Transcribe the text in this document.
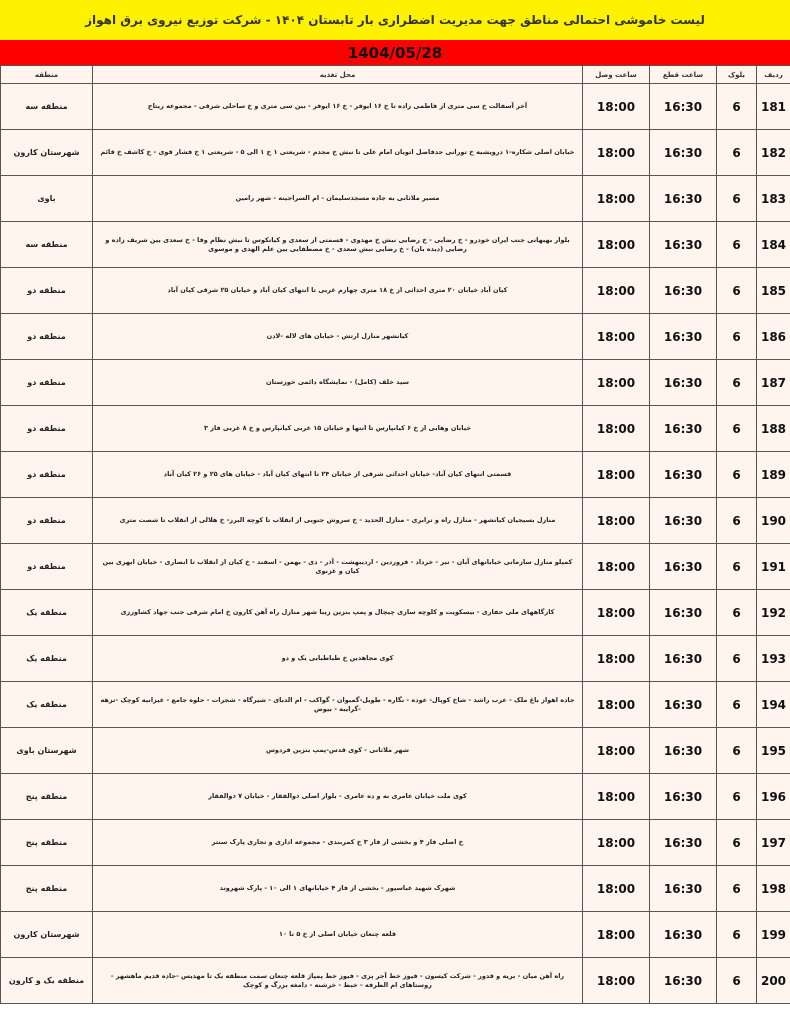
لیست خاموشی احتمالی مناطق جهت مدیریت اضطراری بار تابستان ۱۴۰۴ - شرکت توزیع نیروی برق اهواز
1404/05/28
ردیف	بلوک	ساعت قطع	ساعت وصل	محل تغذیه	منطقه
181	6	16:30	18:00	آخر آسفالت خ سی متری از فاطمی زاده تا خ ۱۶ ایوفر - خ ۱۶ ایوفر - بین سی متری و خ ساحلی شرقی - مجموعه ریتاج	منطقه سه
182	6	16:30	18:00	خیابان اصلی شکاره-۱ درویشیه خ تورانی حدفاصل اتوبان امام علی تا نبش خ مجدم - شریعتی ۱ خ ۱ الی ۵ - شریعتی ۱ خ فشار قوی - خ کاشف خ قائم	شهرستان کارون
183	6	16:30	18:00	مسیر ملاثانی به جاده مسجدسلیمان - ام السراجینه - شهر رامین	باوی
184	6	16:30	18:00	بلوار بهبهانی جنب ایران خودرو - خ رضایی - خ رضایی نبش خ مهدوی - قسمتی از سعدی و کیانکوس تا نبش نظام وفا - خ سعدی بین شریف زاده و رضایی (دیده بان) - خ رضایی نبش سعدی - خ مصطفایی بین علم الهدی و موسوی	منطقه سه
185	6	16:30	18:00	کیان آباد خیابان ۲۰ متری احداثی از خ ۱۸ متری چهارم غربی تا انتهای کیان آباد و خیابان ۲۵ شرقی کیان آباد	منطقه دو
186	6	16:30	18:00	کیانشهر منازل ارتش - خیابان های لاله -لادن	منطقه دو
187	6	16:30	18:00	سید خلف (کامل) - نمایشگاه دائمی خوزستان	منطقه دو
188	6	16:30	18:00	خیابان وهابی از خ ۶ کیانپارس تا انتها و خیابان ۱۵ غربی کیانپارس و خ ۸ غربی فاز ۳	منطقه دو
189	6	16:30	18:00	قسمتی انتهای کیان آباد- خیابان احداثی شرقی از خیابان ۲۴ تا انتهای کیان آباد - خیابان های ۲۵ و ۲۶ کیان آباد	منطقه دو
190	6	16:30	18:00	منازل بسیجیان کیانشهر - منازل راه و ترابری - منازل الحدید - خ سروش جنوبی از انقلاب تا کوچه البرز- خ هلالی از انقلاب تا شصت متری	منطقه دو
191	6	16:30	18:00	کمپلو منازل سازمانی خیابانهای آبان - تیر - خرداد - فروردین - اردیبهشت - آذر - دی - بهمن - اسفند - خ کیان از انقلاب تا انصاری - خیابان ابهری بین کیان و غزنوی	منطقه دو
192	6	16:30	18:00	کارگاههای ملی حفاری - بیسکویت و کلوچه سازی چیچال و پمپ بنزین زیبا شهر منازل راه آهن کارون خ امام شرقی جنب جهاد کشاورزی	منطقه یک
193	6	16:30	18:00	کوی مجاهدین خ طباطبایی یک و دو	منطقه یک
194	6	16:30	18:00	جاده اهواز باغ ملک - عرب راشد - شاخ کوپال- عوده - نگاره - طویل-گمبوان - گواکب - ام الدبای - شیرگاه - شجرات - حلوه جامع - غیزانیه کوچک -نزهه -گرایبه - بیوض	منطقه یک
195	6	16:30	18:00	شهر ملاثانی - کوی قدس-پمپ بنزین فردوس	شهرستان باوی
196	6	16:30	18:00	کوی ملت خیابان عامری نه و ده عامری - بلوار اصلی ذوالفقار - خیابان ۷ ذوالفقار	منطقه پنج
197	6	16:30	18:00	خ اصلی فاز ۴ و بخشی از فاز ۳ خ کمربندی - مجموعه اداری و تجاری پارک سنتر	منطقه پنج
198	6	16:30	18:00	شهرک شهید عباسپور - بخشی از فاز ۴ خیابانهای ۱ الی ۱۰ - پارک شهروند	منطقه پنج
199	6	16:30	18:00	قلعه چنعان خیابان اصلی از خ ۵ تا ۱۰	شهرستان کارون
200	6	16:30	18:00	راه آهن میان - بریه و قدور - شرکت کیسون - فیوز خط آجر پزی - فیوز خط پمپاژ قلعه چنعان سمت منطقه یک تا مهدیس -جاده قدیم ماهشهر - روستاهای ام الطرفه - خبط - خرشنه - دامغه بزرگ و کوچک	منطقه یک و کارون
